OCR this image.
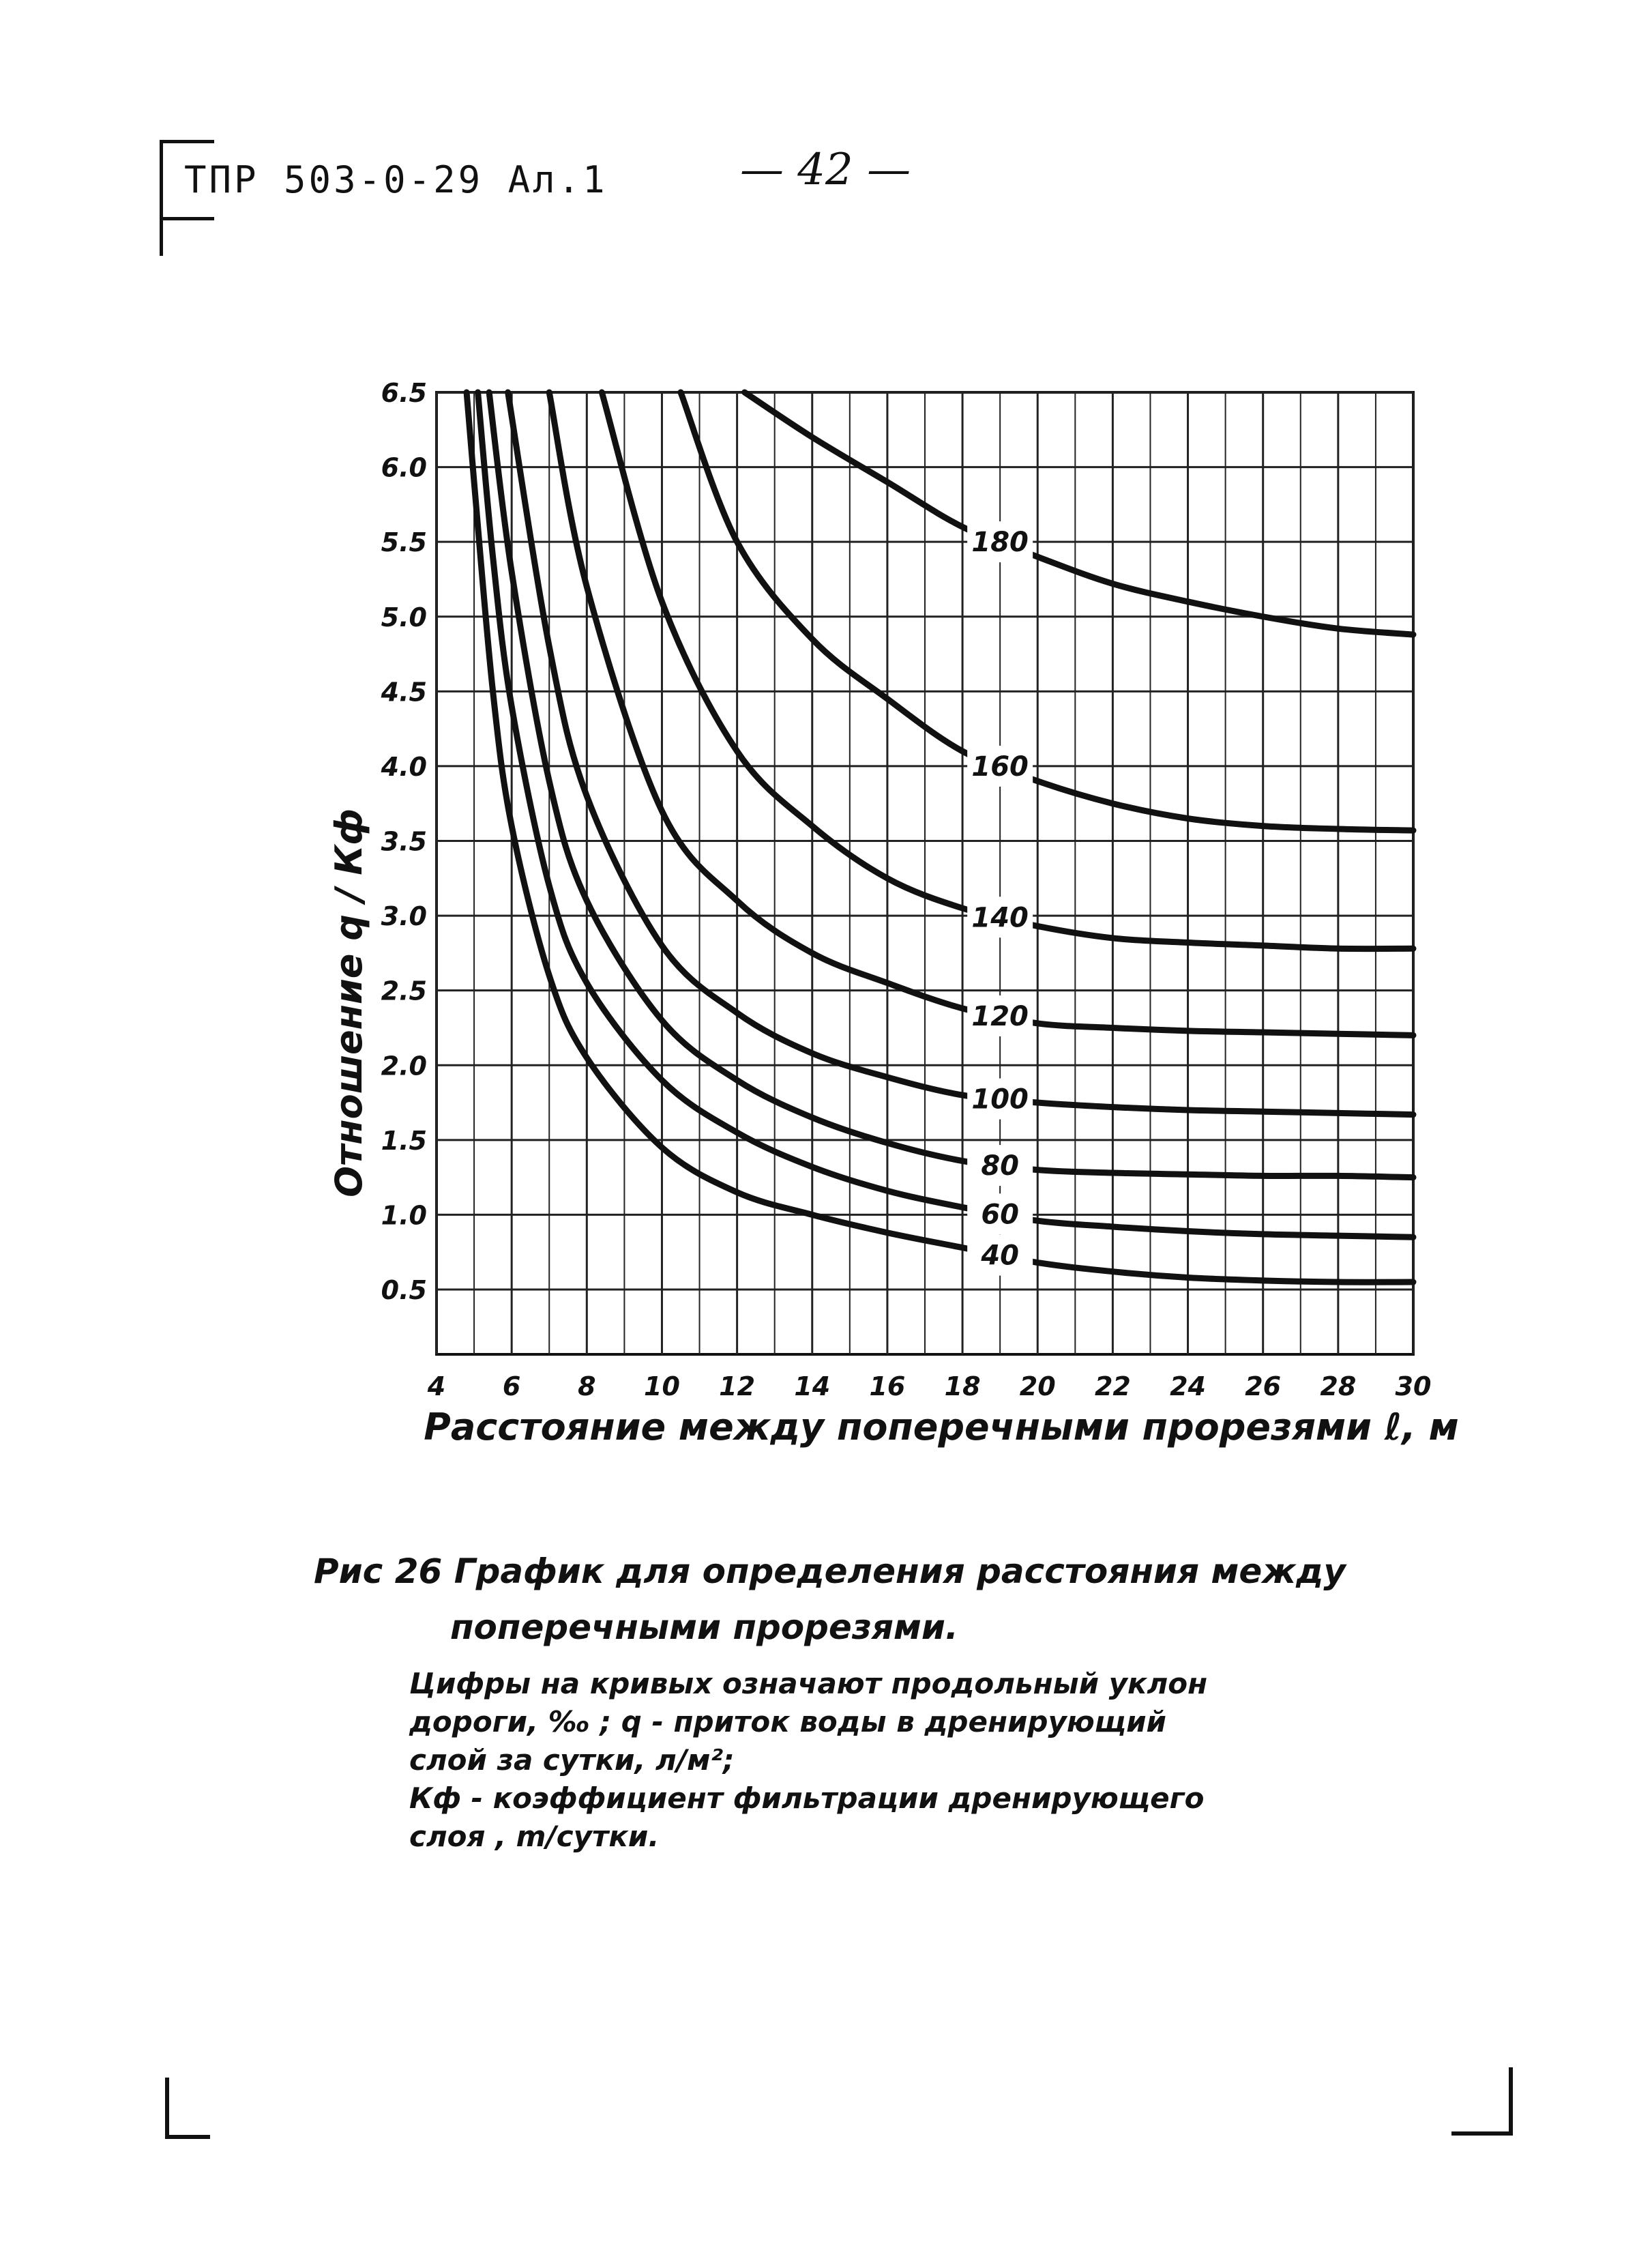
ТПР 503-0-29 Ал.1	— 42 —
40
60
80
100
120
140
160
180
4 6 8 10 12 14 16 18 20 22 24 26 28 30
0.5
1.0
1.5
2.0
2.5
3.0
3.5
4.0
4.5
5.0
5.5
6.0
6.5
Расстояние между поперечными прорезями ℓ, м
Отношение q / Кф
Рис 26 График для определения расстояния между
поперечными прорезями.
Цифры на кривых означают продольный уклон
дороги, ‰ ; q - приток воды в дренирующий
слой за сутки, л/м²;
Кф - коэффициент фильтрации дренирующего
слоя , m/сутки.
